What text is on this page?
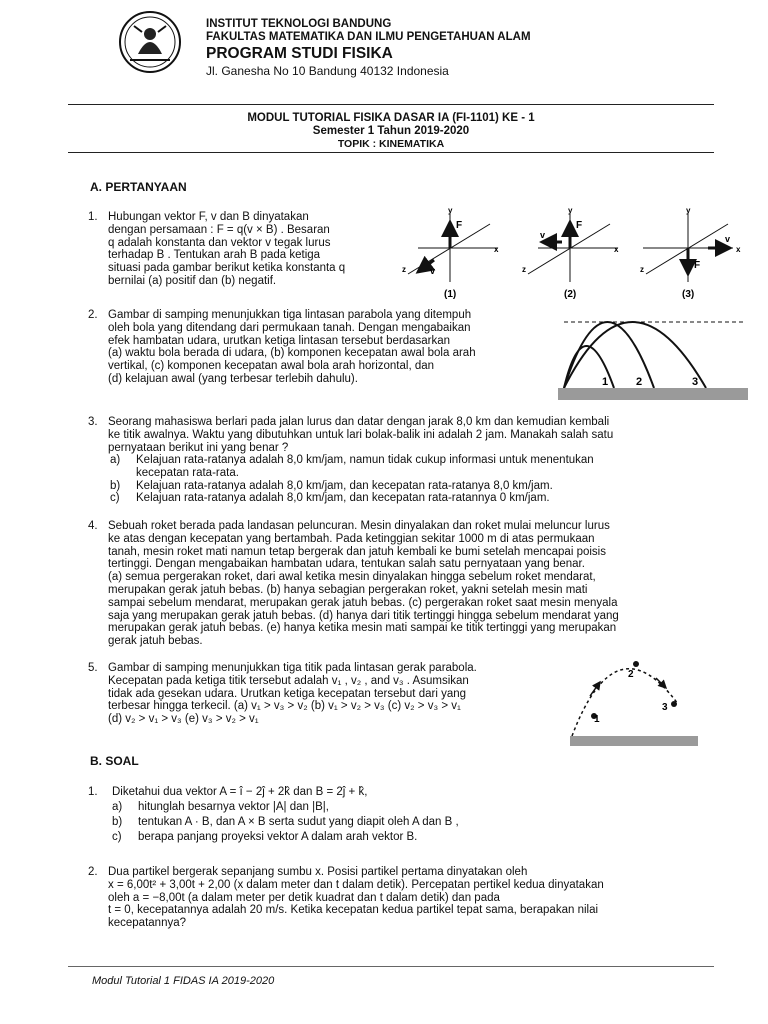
INSTITUT TEKNOLOGI BANDUNG
FAKULTAS MATEMATIKA DAN ILMU PENGETAHUAN ALAM
PROGRAM STUDI FISIKA
Jl. Ganesha No 10 Bandung 40132 Indonesia
MODUL TUTORIAL FISIKA DASAR IA (FI-1101) KE - 1
Semester 1 Tahun 2019-2020
TOPIK : KINEMATIKA
A. PERTANYAAN
1. Hubungan vektor F, v dan B dinyatakan

dengan persamaan : F = q(v × B) . Besaran

q adalah konstanta dan vektor v tegak lurus

terhadap B . Tentukan arah B pada ketiga

situasi pada gambar berikut ketika konstanta q

bernilai (a) positif dan (b) negatif.

y
x
z
F
v
(1)
y
x
z
F
v
(2)
y
x
z	F
v
(3)
2. Gambar di samping menunjukkan tiga lintasan parabola yang ditempuh

oleh bola yang ditendang dari permukaan tanah. Dengan mengabaikan

efek hambatan udara, urutkan ketiga lintasan tersebut berdasarkan

(a) waktu bola berada di udara, (b) komponen kecepatan awal bola arah

vertikal, (c) komponen kecepatan awal bola arah horizontal, dan

(d) kelajuan awal (yang terbesar terlebih dahulu).	1	2	3
3. Seorang mahasiswa berlari pada jalan lurus dan datar dengan jarak 8,0 km dan kemudian kembali

ke titik awalnya. Waktu yang dibutuhkan untuk lari bolak-balik ini adalah 2 jam. Manakah salah satu

pernyataan berikut ini yang benar ?

a)	Kelajuan rata-ratanya adalah 8,0 km/jam, namun tidak cukup informasi untuk menentukan

kecepatan rata-rata.

b)	Kelajuan rata-ratanya adalah 8,0 km/jam, dan kecepatan rata-ratanya 8,0 km/jam.
c)	Kelajuan rata-ratanya adalah 8,0 km/jam, dan kecepatan rata-ratannya 0 km/jam.
4. Sebuah roket berada pada landasan peluncuran. Mesin dinyalakan dan roket mulai meluncur lurus

ke atas dengan kecepatan yang bertambah. Pada ketinggian sekitar 1000 m di atas permukaan

tanah, mesin roket mati namun tetap bergerak dan jatuh kembali ke bumi setelah mencapai poisis

tertinggi. Dengan mengabaikan hambatan udara, tentukan salah satu pernyataan yang benar.

(a) semua pergerakan roket, dari awal ketika mesin dinyalakan hingga sebelum roket mendarat,

merupakan gerak jatuh bebas. (b) hanya sebagian pergerakan roket, yakni setelah mesin mati

sampai sebelum mendarat, merupakan gerak jatuh bebas. (c) pergerakan roket saat mesin menyala

saja yang merupakan gerak jatuh bebas. (d) hanya dari titik tertinggi hingga sebelum mendarat yang

merupakan gerak jatuh bebas. (e) hanya ketika mesin mati sampai ke titik tertinggi yang merupakan

gerak jatuh bebas.

5. Gambar di samping menunjukkan tiga titik pada lintasan gerak parabola.

Kecepatan pada ketiga titik tersebut adalah v₁ , v₂ , and v₃ . Asumsikan

tidak ada gesekan udara. Urutkan ketiga kecepatan tersebut dari yang

terbesar hingga terkecil. (a) v₁ > v₃ > v₂ (b) v₁ > v₂ > v₃ (c) v₂ > v₃ > v₁

(d) v₂ > v₁ > v₃ (e) v₃ > v₂ > v₁	1
2
3
B. SOAL
1. Diketahui dua vektor A = î − 2ĵ + 2k̂ dan B = 2ĵ + k̂,
a)	hitunglah besarnya vektor |A| dan |B|,
b)	tentukan A · B, dan A × B serta sudut yang diapit oleh A dan B ,
c)	berapa panjang proyeksi vektor A dalam arah vektor B.
2. Dua partikel bergerak sepanjang sumbu x. Posisi partikel pertama dinyatakan oleh

x = 6,00t² + 3,00t + 2,00 (x dalam meter dan t dalam detik). Percepatan pertikel kedua dinyatakan

oleh a = −8,00t (a dalam meter per detik kuadrat dan t dalam detik) dan pada

t = 0, kecepatannya adalah 20 m/s. Ketika kecepatan kedua partikel tepat sama, berapakan nilai

kecepatannya?

Modul Tutorial 1 FIDAS IA 2019-2020
